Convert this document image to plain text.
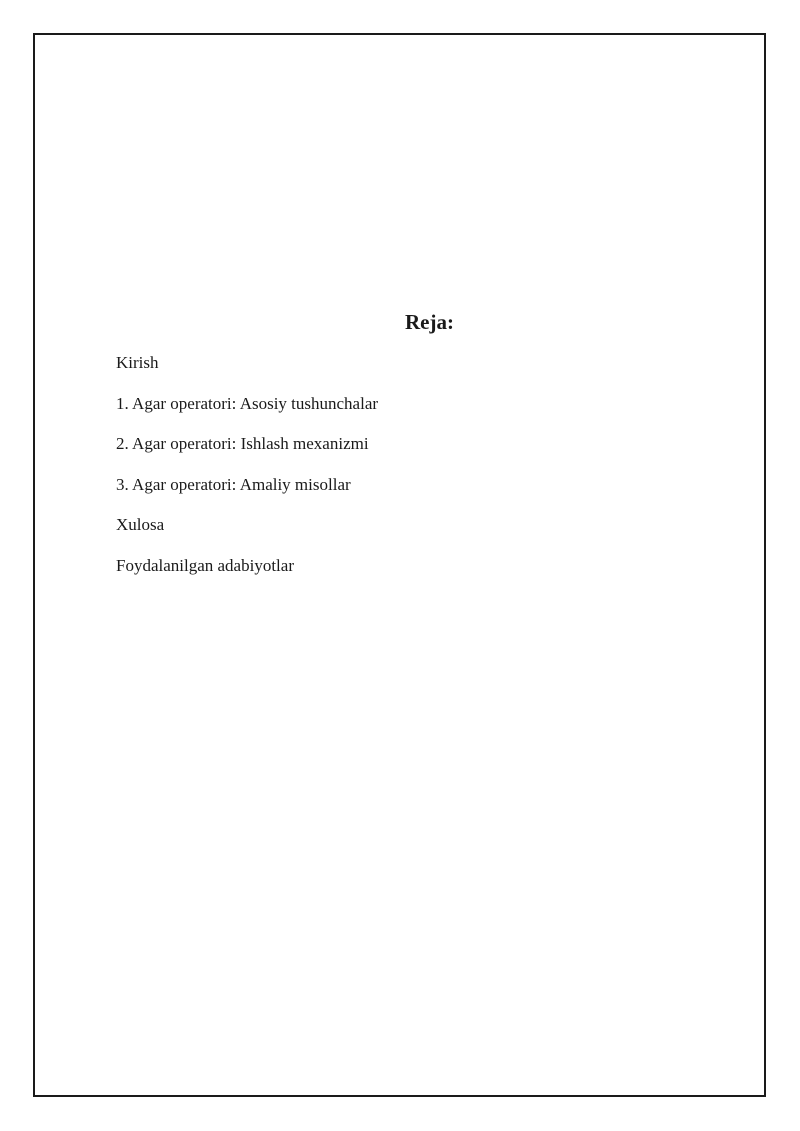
Reja:
Kirish
1. Agar operatori: Asosiy tushunchalar
2. Agar operatori: Ishlash mexanizmi
3. Agar operatori: Amaliy misollar
Xulosa
Foydalanilgan adabiyotlar
